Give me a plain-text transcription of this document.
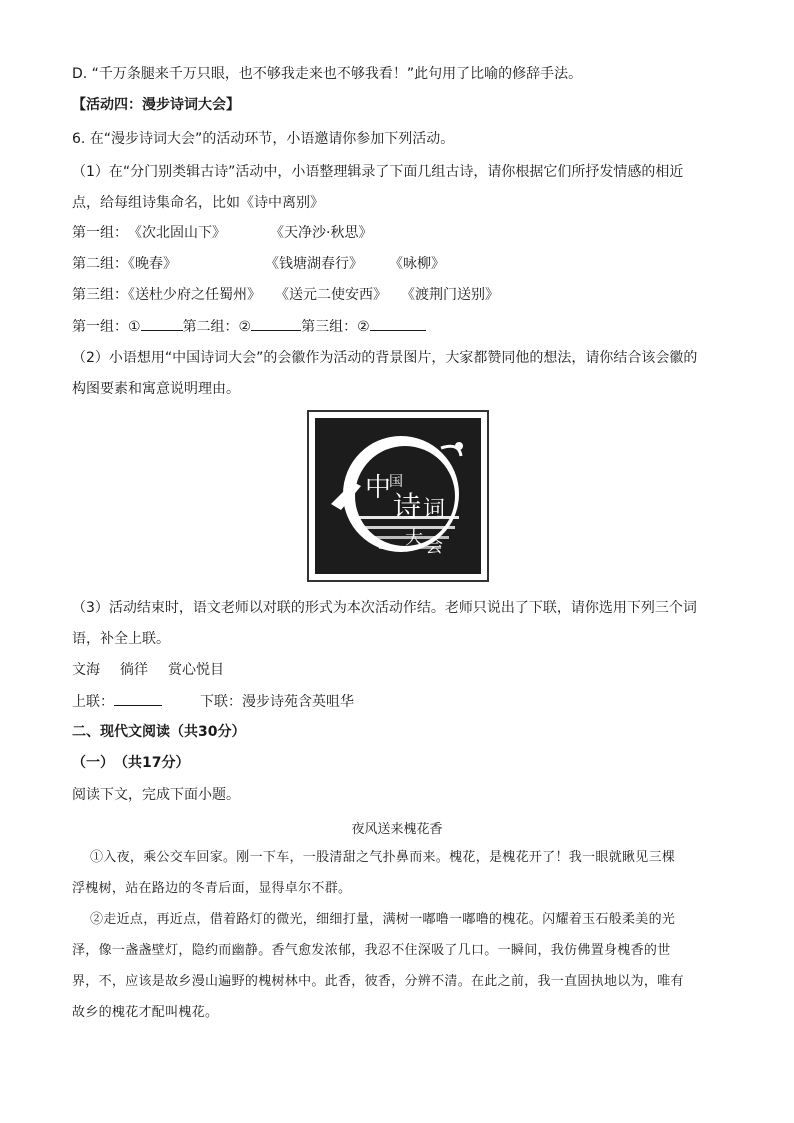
D. “千万条腿来千万只眼，也不够我走来也不够我看！”此句用了比喻的修辞手法。
【活动四：漫步诗词大会】
6. 在“漫步诗词大会”的活动环节，小语邀请你参加下列活动。
（1）在“分门别类辑古诗”活动中，小语整理辑录了下面几组古诗，请你根据它们所抒发情感的相近
点，给每组诗集命名，比如《诗中离别》
第一组：《次北固山下》	《天净沙·秋思》
第二组：《晚春》	《钱塘湖春行》 《咏柳》
第三组：《送杜少府之任蜀州》 《送元二使安西》 《渡荆门送别》
第一组：①	第二组：②	第三组：②
（2）小语想用“中国诗词大会”的会徽作为活动的背景图片，大家都赞同他的想法，请你结合该会徽的
构图要素和寓意说明理由。
中
国
诗 词
大 会
（3）活动结束时，语文老师以对联的形式为本次活动作结。老师只说出了下联，请你选用下列三个词
语，补全上联。
文海 徜徉 赏心悦目
上联：	下联：漫步诗苑含英咀华
二、现代文阅读（共30分）
（一）　（共17分）
阅读下文，完成下面小题。
夜风送来槐花香
①入夜，乘公交车回家。刚一下车，一股清甜之气扑鼻而来。槐花，是槐花开了！我一眼就瞅见三棵
浮槐树，站在路边的冬青后面，显得卓尔不群。
②走近点，再近点，借着路灯的微光，细细打量，满树一嘟噜一嘟噜的槐花。闪耀着玉石般柔美的光
泽，像一盏盏壁灯，隐约而幽静。香气愈发浓郁，我忍不住深吸了几口。一瞬间，我仿佛置身槐香的世
界，不，应该是故乡漫山遍野的槐树林中。此香，彼香，分辨不清。在此之前，我一直固执地以为，唯有
故乡的槐花才配叫槐花。
